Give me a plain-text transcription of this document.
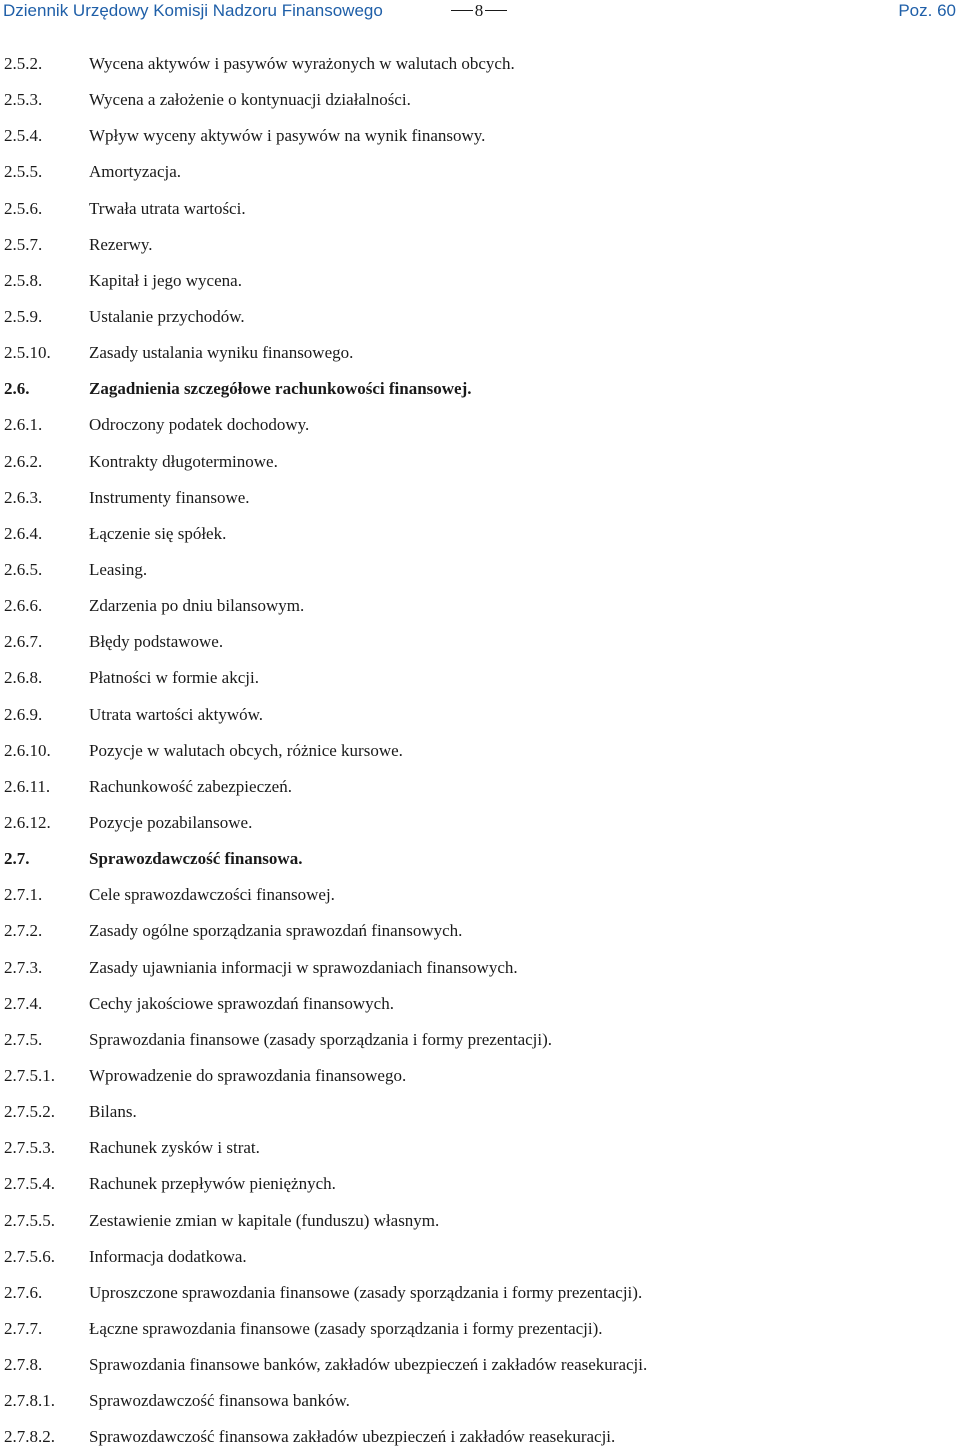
Dziennik Urzędowy Komisji Nadzoru Finansowego	8	Poz. 60
2.5.2.	Wycena aktywów i pasywów wyrażonych w walutach obcych.
2.5.3.	Wycena a założenie o kontynuacji działalności.
2.5.4.	Wpływ wyceny aktywów i pasywów na wynik finansowy.
2.5.5.	Amortyzacja.
2.5.6.	Trwała utrata wartości.
2.5.7.	Rezerwy.
2.5.8.	Kapitał i jego wycena.
2.5.9.	Ustalanie przychodów.
2.5.10. Zasady ustalania wyniku finansowego.
2.6.	Zagadnienia szczegółowe rachunkowości finansowej.
2.6.1.	Odroczony podatek dochodowy.
2.6.2.	Kontrakty długoterminowe.
2.6.3.	Instrumenty finansowe.
2.6.4.	Łączenie się spółek.
2.6.5.	Leasing.
2.6.6.	Zdarzenia po dniu bilansowym.
2.6.7.	Błędy podstawowe.
2.6.8.	Płatności w formie akcji.
2.6.9.	Utrata wartości aktywów.
2.6.10. Pozycje w walutach obcych, różnice kursowe.
2.6.11. Rachunkowość zabezpieczeń.
2.6.12. Pozycje pozabilansowe.
2.7.	Sprawozdawczość finansowa.
2.7.1.	Cele sprawozdawczości finansowej.
2.7.2.	Zasady ogólne sporządzania sprawozdań finansowych.
2.7.3.	Zasady ujawniania informacji w sprawozdaniach finansowych.
2.7.4.	Cechy jakościowe sprawozdań finansowych.
2.7.5.	Sprawozdania finansowe (zasady sporządzania i formy prezentacji).
2.7.5.1. Wprowadzenie do sprawozdania finansowego.
2.7.5.2. Bilans.
2.7.5.3. Rachunek zysków i strat.
2.7.5.4. Rachunek przepływów pieniężnych.
2.7.5.5. Zestawienie zmian w kapitale (funduszu) własnym.
2.7.5.6. Informacja dodatkowa.
2.7.6.	Uproszczone sprawozdania finansowe (zasady sporządzania i formy prezentacji).
2.7.7.	Łączne sprawozdania finansowe (zasady sporządzania i formy prezentacji).
2.7.8.	Sprawozdania finansowe banków, zakładów ubezpieczeń i zakładów reasekuracji.
2.7.8.1. Sprawozdawczość finansowa banków.
2.7.8.2. Sprawozdawczość finansowa zakładów ubezpieczeń i zakładów reasekuracji.
